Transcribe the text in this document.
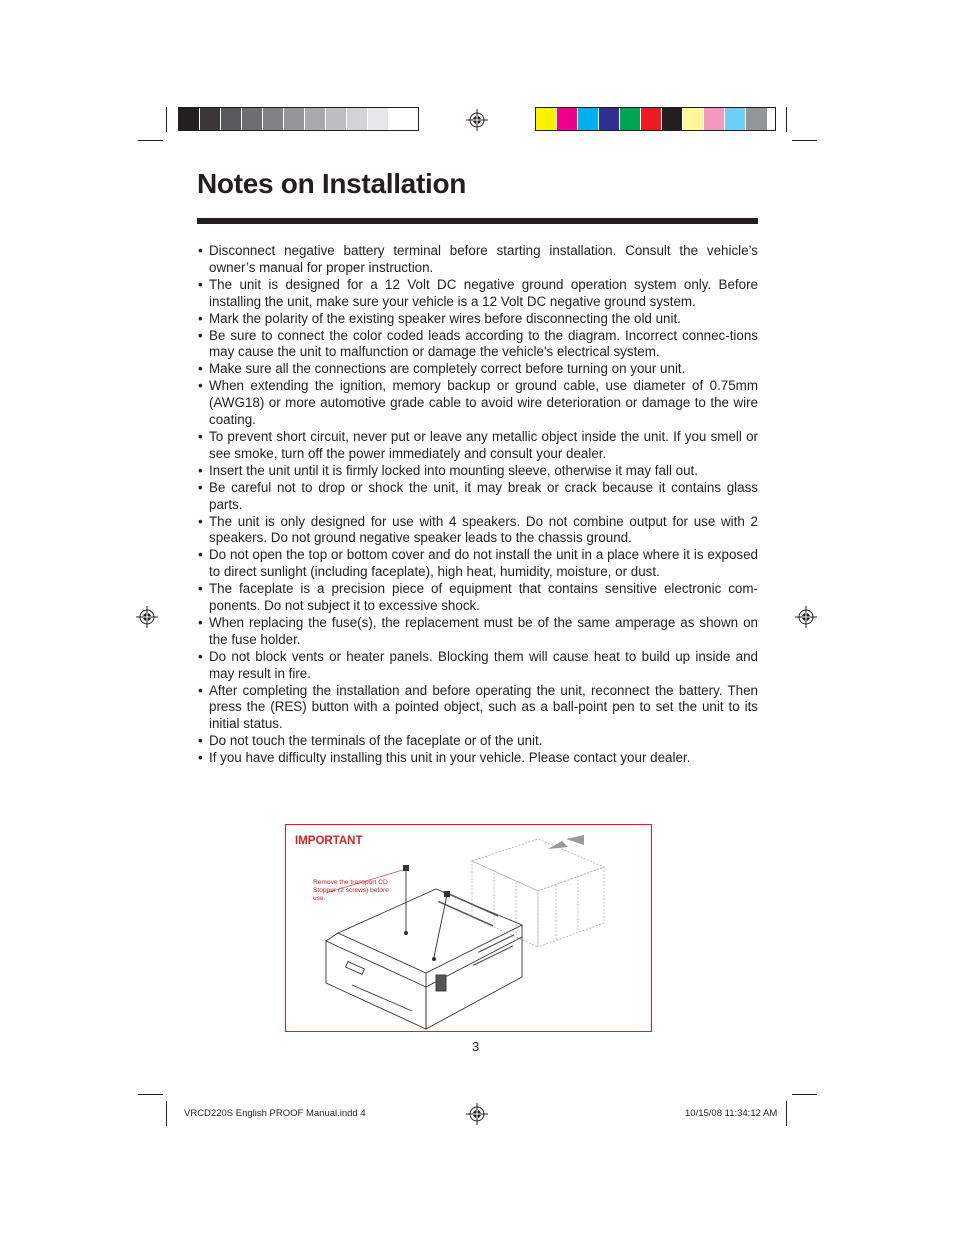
Notes on Installation
• Disconnect negative battery terminal before starting installation. Consult the vehicle’s owner’s manual for proper instruction.
• The unit is designed for a 12 Volt DC negative ground operation system only. Before installing the unit, make sure your vehicle is a 12 Volt DC negative ground system.
• Mark the polarity of the existing speaker wires before disconnecting the old unit.
• Be sure to connect the color coded leads according to the diagram. Incorrect connec-tions may cause the unit to malfunction or damage the vehicle's electrical system.
• Make sure all the connections are completely correct before turning on your unit.
• When extending the ignition, memory backup or ground cable, use diameter of 0.75mm (AWG18) or more automotive grade cable to avoid wire deterioration or damage to the wire coating.
• To prevent short circuit, never put or leave any metallic object inside the unit. If you smell or see smoke, turn off the power immediately and consult your dealer.
• Insert the unit until it is firmly locked into mounting sleeve, otherwise it may fall out.
• Be careful not to drop or shock the unit, it may break or crack because it contains glass parts.
• The unit is only designed for use with 4 speakers. Do not combine output for use with 2 speakers. Do not ground negative speaker leads to the chassis ground.
• Do not open the top or bottom cover and do not install the unit in a place where it is exposed to direct sunlight (including faceplate), high heat, humidity, moisture, or dust.
• The faceplate is a precision piece of equipment that contains sensitive electronic com-ponents. Do not subject it to excessive shock.
• When replacing the fuse(s), the replacement must be of the same amperage as shown on the fuse holder.
• Do not block vents or heater panels. Blocking them will cause heat to build up inside and may result in fire.
• After completing the installation and before operating the unit, reconnect the battery. Then press the (RES) button with a pointed object, such as a ball-point pen to set the unit to its initial status.
• Do not touch the terminals of the faceplate or of the unit.
• If you have difficulty installing this unit in your vehicle. Please contact your dealer.
IMPORTANT
Remove the transport CD Stopper (2 screws) before use.
3
VRCD220S English PROOF Manual.indd 4	10/15/08 11:34:12 AM
